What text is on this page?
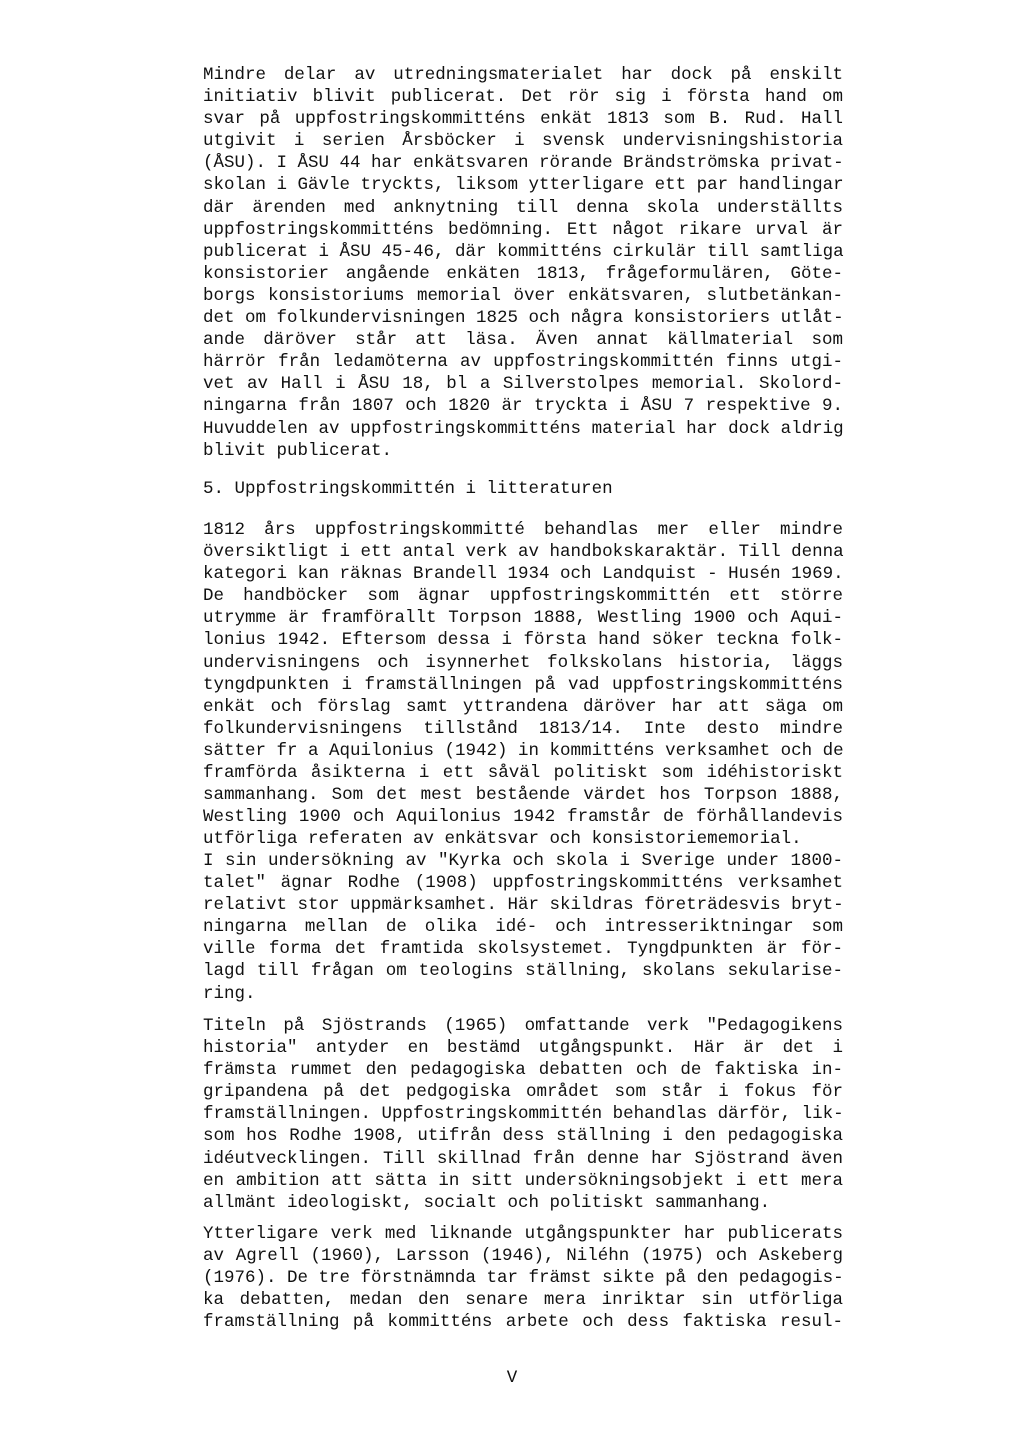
Mindre delar av utredningsmaterialet har dock på enskilt
initiativ blivit publicerat. Det rör sig i första hand om
svar på uppfostringskommitténs enkät 1813 som B. Rud. Hall
utgivit i serien Årsböcker i svensk undervisningshistoria
(ÅSU). I ÅSU 44 har enkätsvaren rörande Brändströmska privat-
skolan i Gävle tryckts, liksom ytterligare ett par handlingar
där ärenden med anknytning till denna skola underställts
uppfostringskommitténs bedömning. Ett något rikare urval är
publicerat i ÅSU 45-46, där kommitténs cirkulär till samtliga
konsistorier angående enkäten 1813, frågeformulären, Göte-
borgs konsistoriums memorial över enkätsvaren, slutbetänkan-
det om folkundervisningen 1825 och några konsistoriers utlåt-
ande däröver står att läsa. Även annat källmaterial som
härrör från ledamöterna av uppfostringskommittén finns utgi-
vet av Hall i ÅSU 18, bl a Silverstolpes memorial. Skolord-
ningarna från 1807 och 1820 är tryckta i ÅSU 7 respektive 9.
Huvuddelen av uppfostringskommitténs material har dock aldrig
blivit publicerat.
5. Uppfostringskommittén i litteraturen
1812 års uppfostringskommitté behandlas mer eller mindre
översiktligt i ett antal verk av handbokskaraktär. Till denna
kategori kan räknas Brandell 1934 och Landquist - Husén 1969.
De handböcker som ägnar uppfostringskommittén ett större
utrymme är framförallt Torpson 1888, Westling 1900 och Aqui-
lonius 1942. Eftersom dessa i första hand söker teckna folk-
undervisningens och isynnerhet folkskolans historia, läggs
tyngdpunkten i framställningen på vad uppfostringskommitténs
enkät och förslag samt yttrandena däröver har att säga om
folkundervisningens tillstånd 1813/14. Inte desto mindre
sätter fr a Aquilonius (1942) in kommitténs verksamhet och de
framförda åsikterna i ett såväl politiskt som idéhistoriskt
sammanhang. Som det mest bestående värdet hos Torpson 1888,
Westling 1900 och Aquilonius 1942 framstår de förhållandevis
utförliga referaten av enkätsvar och konsistoriememorial.
I sin undersökning av "Kyrka och skola i Sverige under 1800-
talet" ägnar Rodhe (1908) uppfostringskommitténs verksamhet
relativt stor uppmärksamhet. Här skildras företrädesvis bryt-
ningarna mellan de olika idé- och intresseriktningar som
ville forma det framtida skolsystemet. Tyngdpunkten är för-
lagd till frågan om teologins ställning, skolans sekularise-
ring.
Titeln på Sjöstrands (1965) omfattande verk "Pedagogikens
historia" antyder en bestämd utgångspunkt. Här är det i
främsta rummet den pedagogiska debatten och de faktiska in-
gripandena på det pedgogiska området som står i fokus för
framställningen. Uppfostringskommittén behandlas därför, lik-
som hos Rodhe 1908, utifrån dess ställning i den pedagogiska
idéutvecklingen. Till skillnad från denne har Sjöstrand även
en ambition att sätta in sitt undersökningsobjekt i ett mera
allmänt ideologiskt, socialt och politiskt sammanhang.
Ytterligare verk med liknande utgångspunkter har publicerats
av Agrell (1960), Larsson (1946), Niléhn (1975) och Askeberg
(1976). De tre förstnämnda tar främst sikte på den pedagogis-
ka debatten, medan den senare mera inriktar sin utförliga
framställning på kommitténs arbete och dess faktiska resul-
V
